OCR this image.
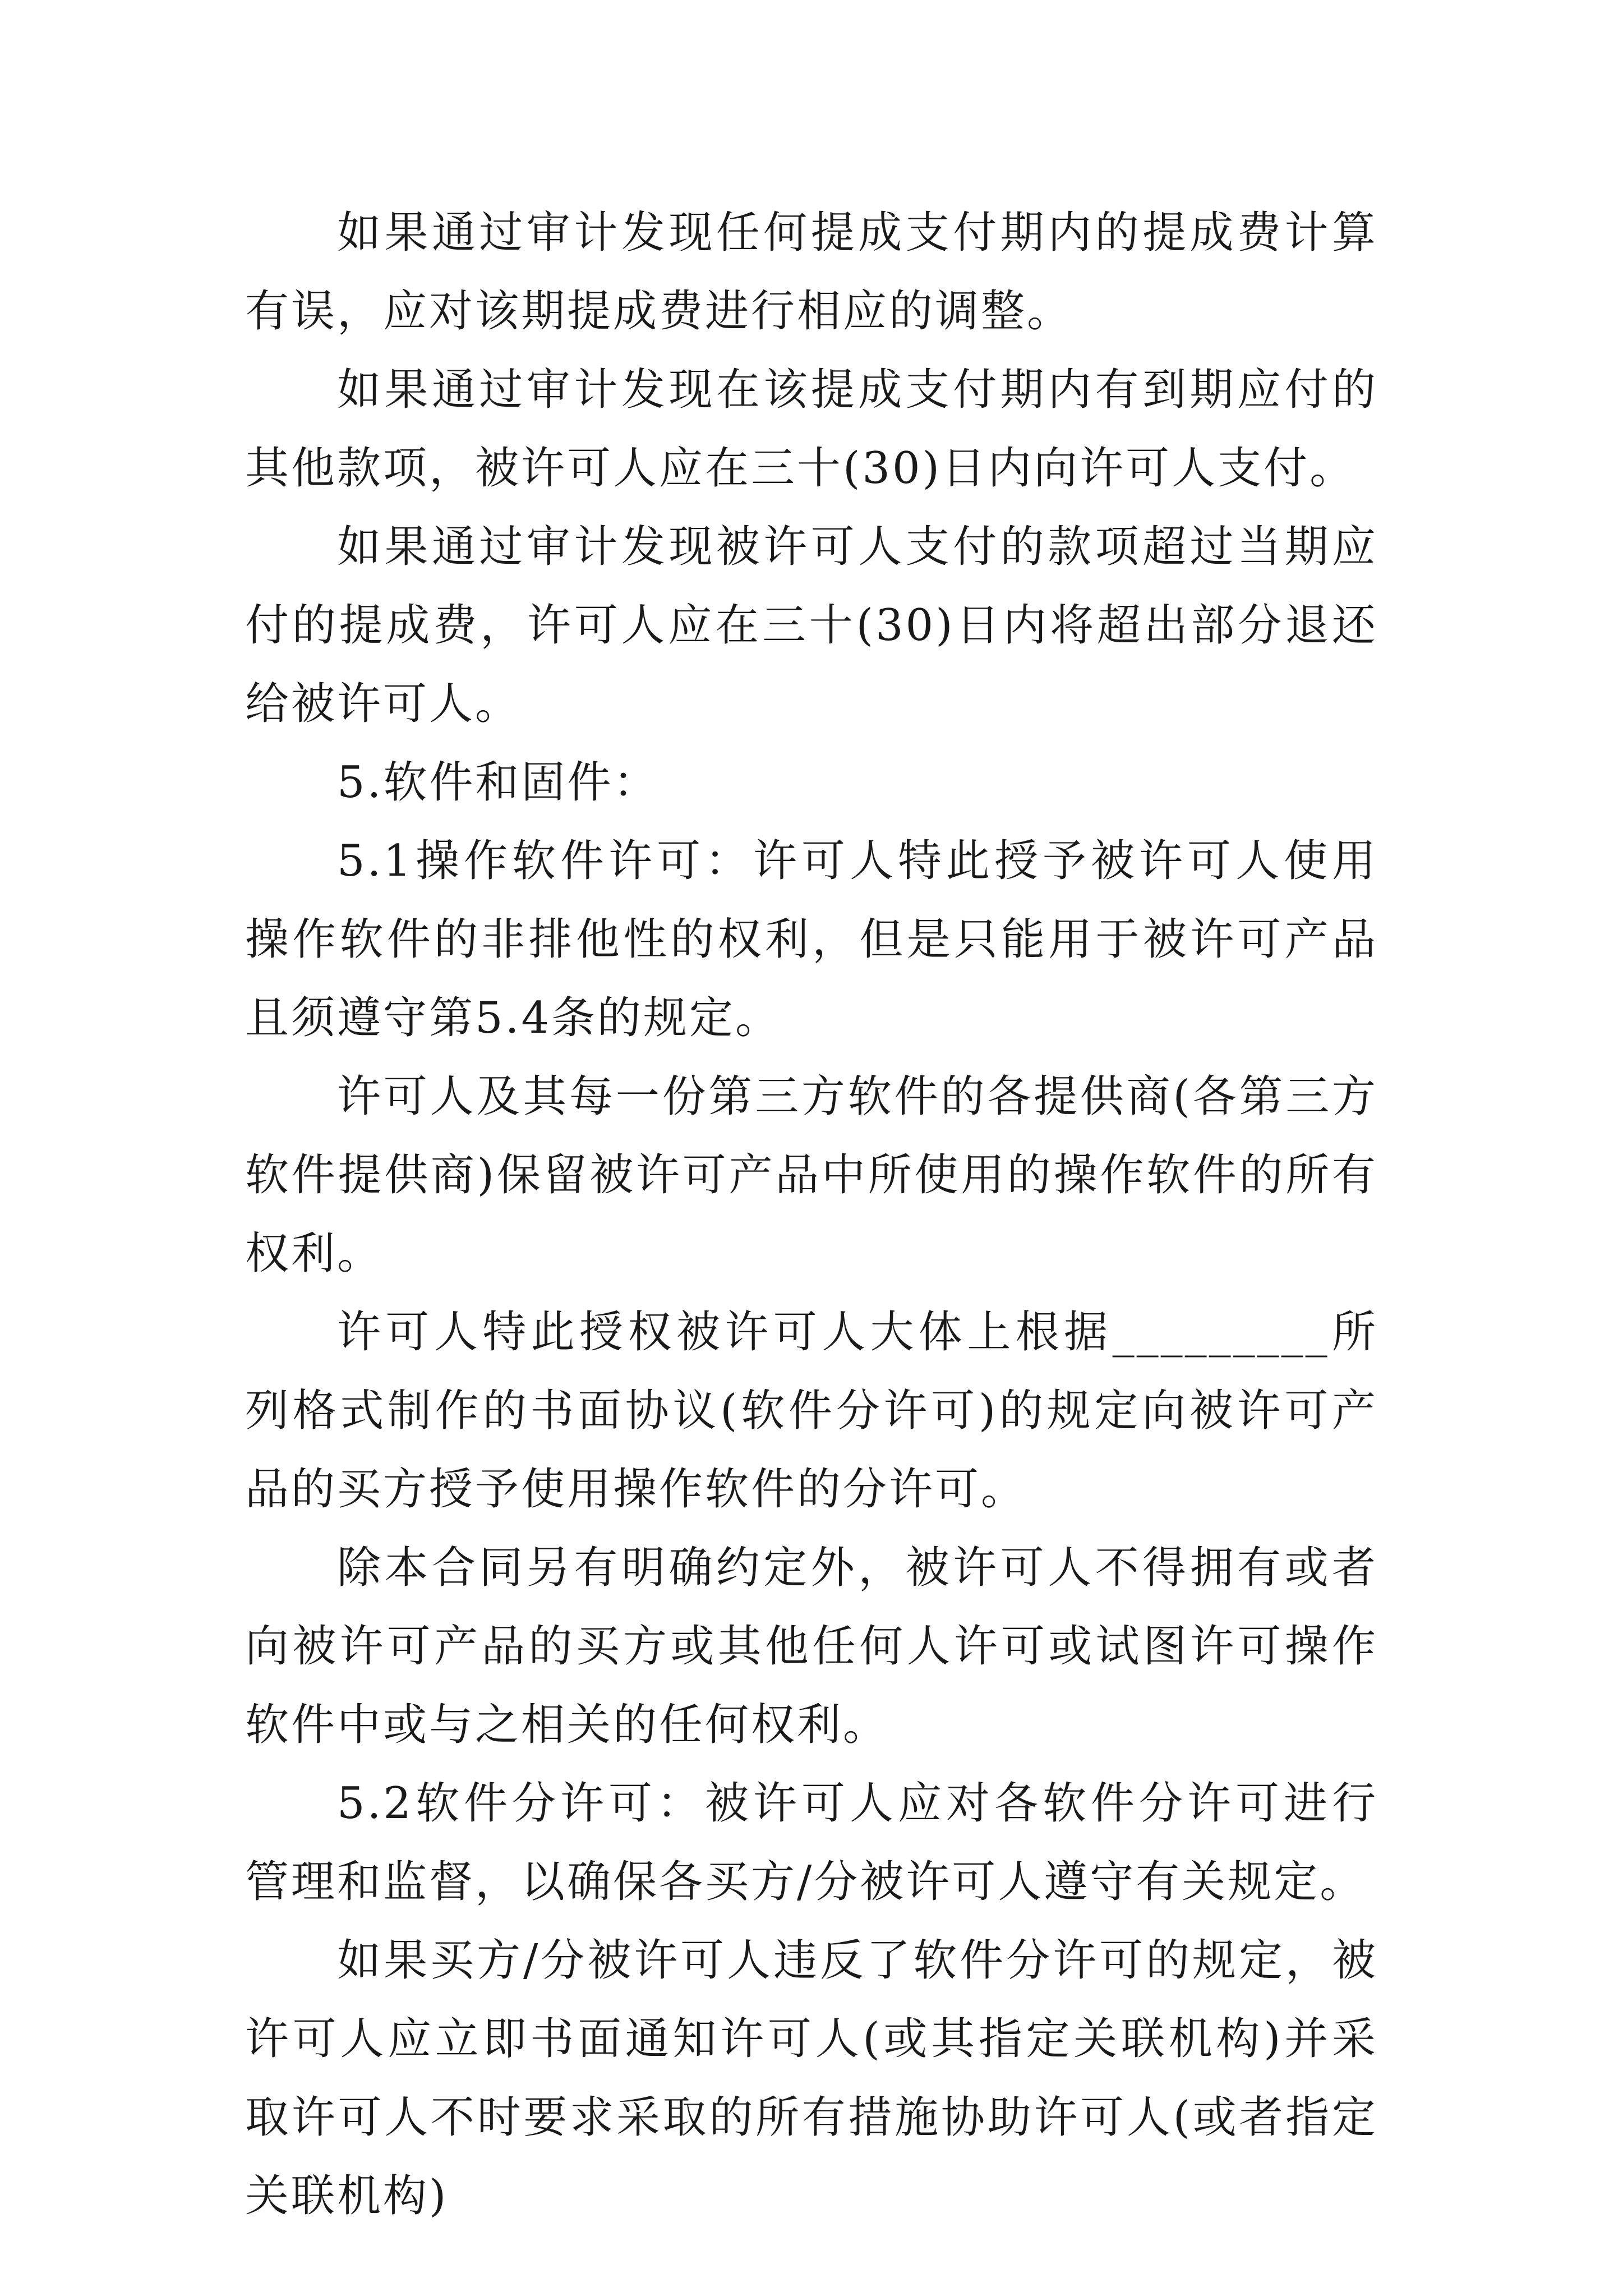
如果通过审计发现任何提成支付期内的提成费计算有误，应对该期提成费进行相应的调整。

如果通过审计发现在该提成支付期内有到期应付的其他款项，被许可人应在三十(30)日内向许可人支付。

如果通过审计发现被许可人支付的款项超过当期应付的提成费，许可人应在三十(30)日内将超出部分退还给被许可人。

5.软件和固件：

5.1操作软件许可：许可人特此授予被许可人使用操作软件的非排他性的权利，但是只能用于被许可产品且须遵守第5.4条的规定。

许可人及其每一份第三方软件的各提供商(各第三方软件提供商)保留被许可产品中所使用的操作软件的所有权利。

许可人特此授权被许可人大体上根据_________所列格式制作的书面协议(软件分许可)的规定向被许可产品的买方授予使用操作软件的分许可。

除本合同另有明确约定外，被许可人不得拥有或者向被许可产品的买方或其他任何人许可或试图许可操作软件中或与之相关的任何权利。

5.2软件分许可：被许可人应对各软件分许可进行管理和监督，以确保各买方/分被许可人遵守有关规定。

如果买方/分被许可人违反了软件分许可的规定，被许可人应立即书面通知许可人(或其指定关联机构)并采取许可人不时要求采取的所有措施协助许可人(或者指定关联机构)
